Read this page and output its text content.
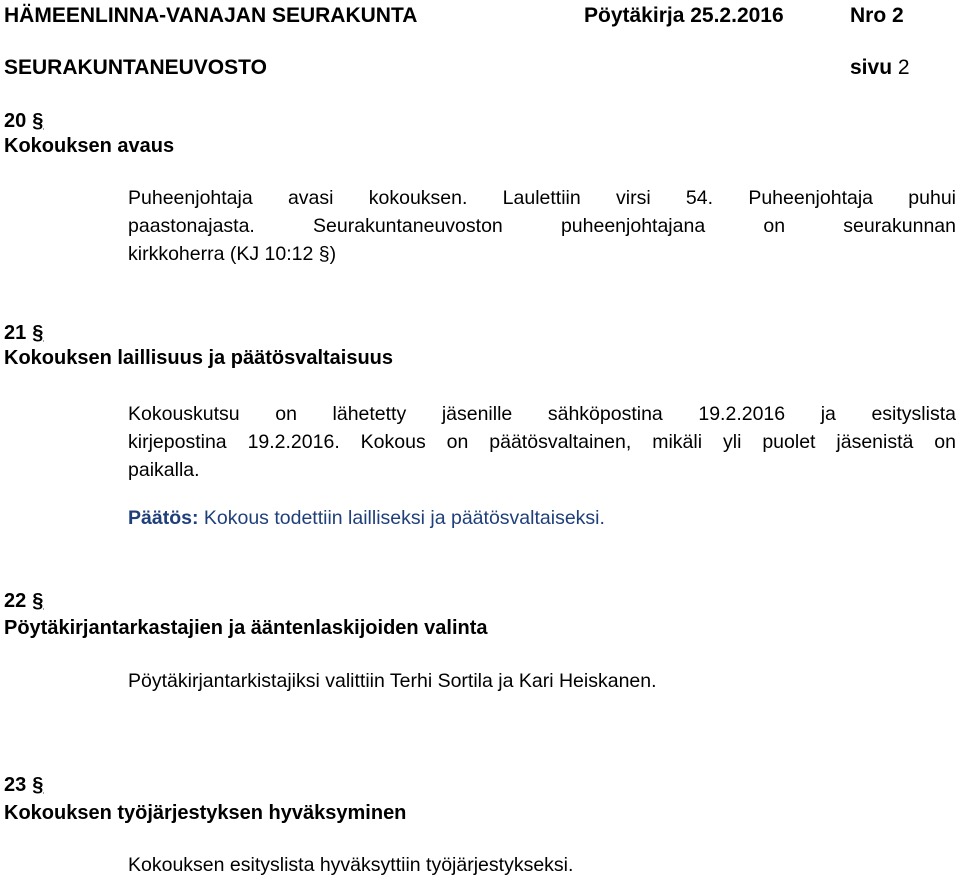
HÄMEENLINNA-VANAJAN SEURAKUNTA	Pöytäkirja 25.2.2016	Nro 2
SEURAKUNTANEUVOSTO	sivu 2
20 §
Kokouksen avaus
Puheenjohtaja avasi kokouksen. Laulettiin virsi 54. Puheenjohtaja puhui
paastonajasta. Seurakuntaneuvoston puheenjohtajana on seurakunnan
kirkkoherra (KJ 10:12 §)
21 §
Kokouksen laillisuus ja päätösvaltaisuus
Kokouskutsu on lähetetty jäsenille sähköpostina 19.2.2016 ja esityslista
kirjepostina 19.2.2016. Kokous on päätösvaltainen, mikäli yli puolet jäsenistä on
paikalla.
Päätös: Kokous todettiin lailliseksi ja päätösvaltaiseksi.
22 §
Pöytäkirjantarkastajien ja ääntenlaskijoiden valinta
Pöytäkirjantarkistajiksi valittiin Terhi Sortila ja Kari Heiskanen.
23 §
Kokouksen työjärjestyksen hyväksyminen
Kokouksen esityslista hyväksyttiin työjärjestykseksi.
